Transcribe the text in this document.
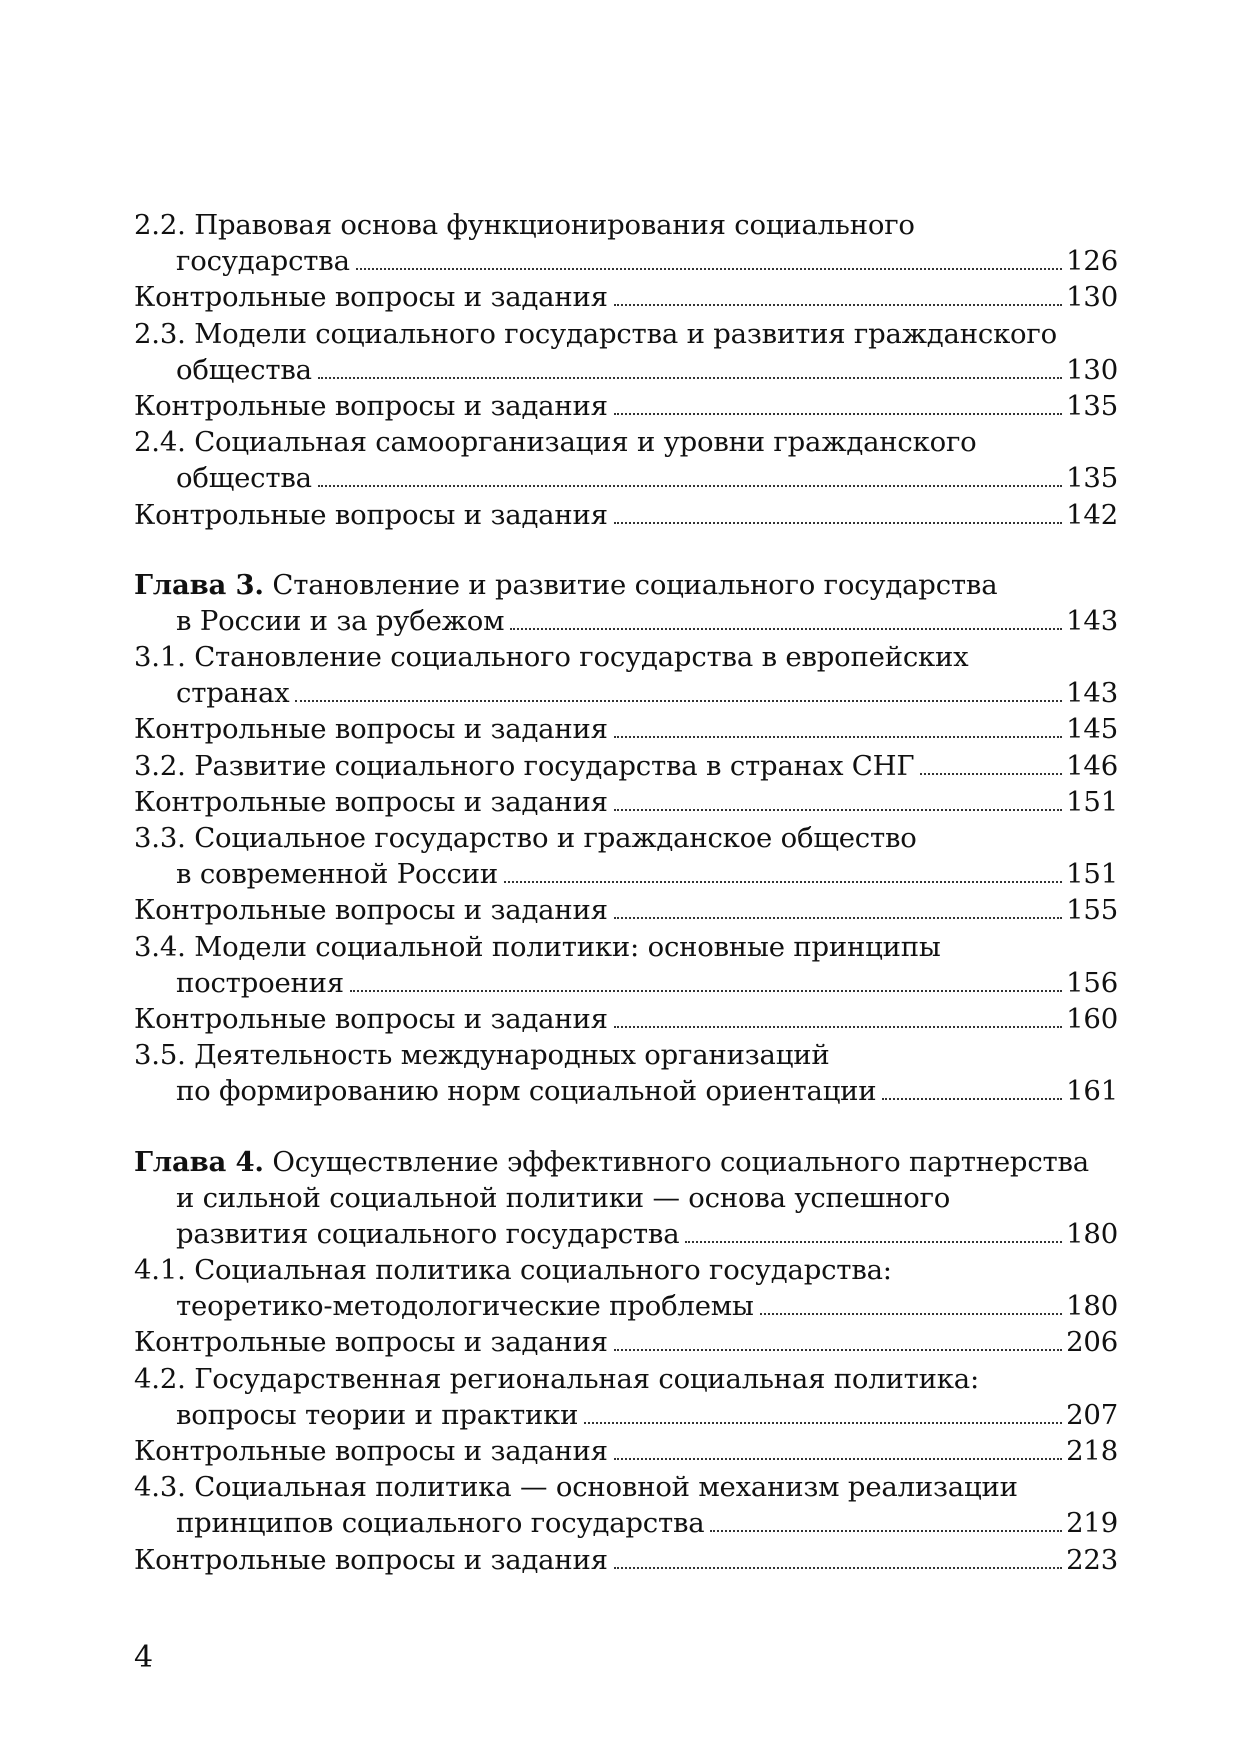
2.2. Правовая основа функционирования социального
государства	126
Контрольные вопросы и задания	130
2.3. Модели социального государства и развития гражданского
общества	130
Контрольные вопросы и задания	135
2.4. Социальная самоорганизация и уровни гражданского
общества	135
Контрольные вопросы и задания	142
Глава 3. Становление и развитие социального государства
в России и за рубежом	143
3.1. Становление социального государства в европейских
странах	143
Контрольные вопросы и задания	145
3.2. Развитие социального государства в странах СНГ	146
Контрольные вопросы и задания	151
3.3. Социальное государство и гражданское общество
в современной России	151
Контрольные вопросы и задания	155
3.4. Модели социальной политики: основные принципы
построения	156
Контрольные вопросы и задания	160
3.5. Деятельность международных организаций
по формированию норм социальной ориентации	161
Глава 4. Осуществление эффективного социального партнерства
и сильной социальной политики — основа успешного
развития социального государства	180
4.1. Социальная политика социального государства:
теоретико-методологические проблемы	180
Контрольные вопросы и задания	206
4.2. Государственная региональная социальная политика:
вопросы теории и практики	207
Контрольные вопросы и задания	218
4.3. Социальная политика — основной механизм реализации
принципов социального государства	219
Контрольные вопросы и задания	223
4
